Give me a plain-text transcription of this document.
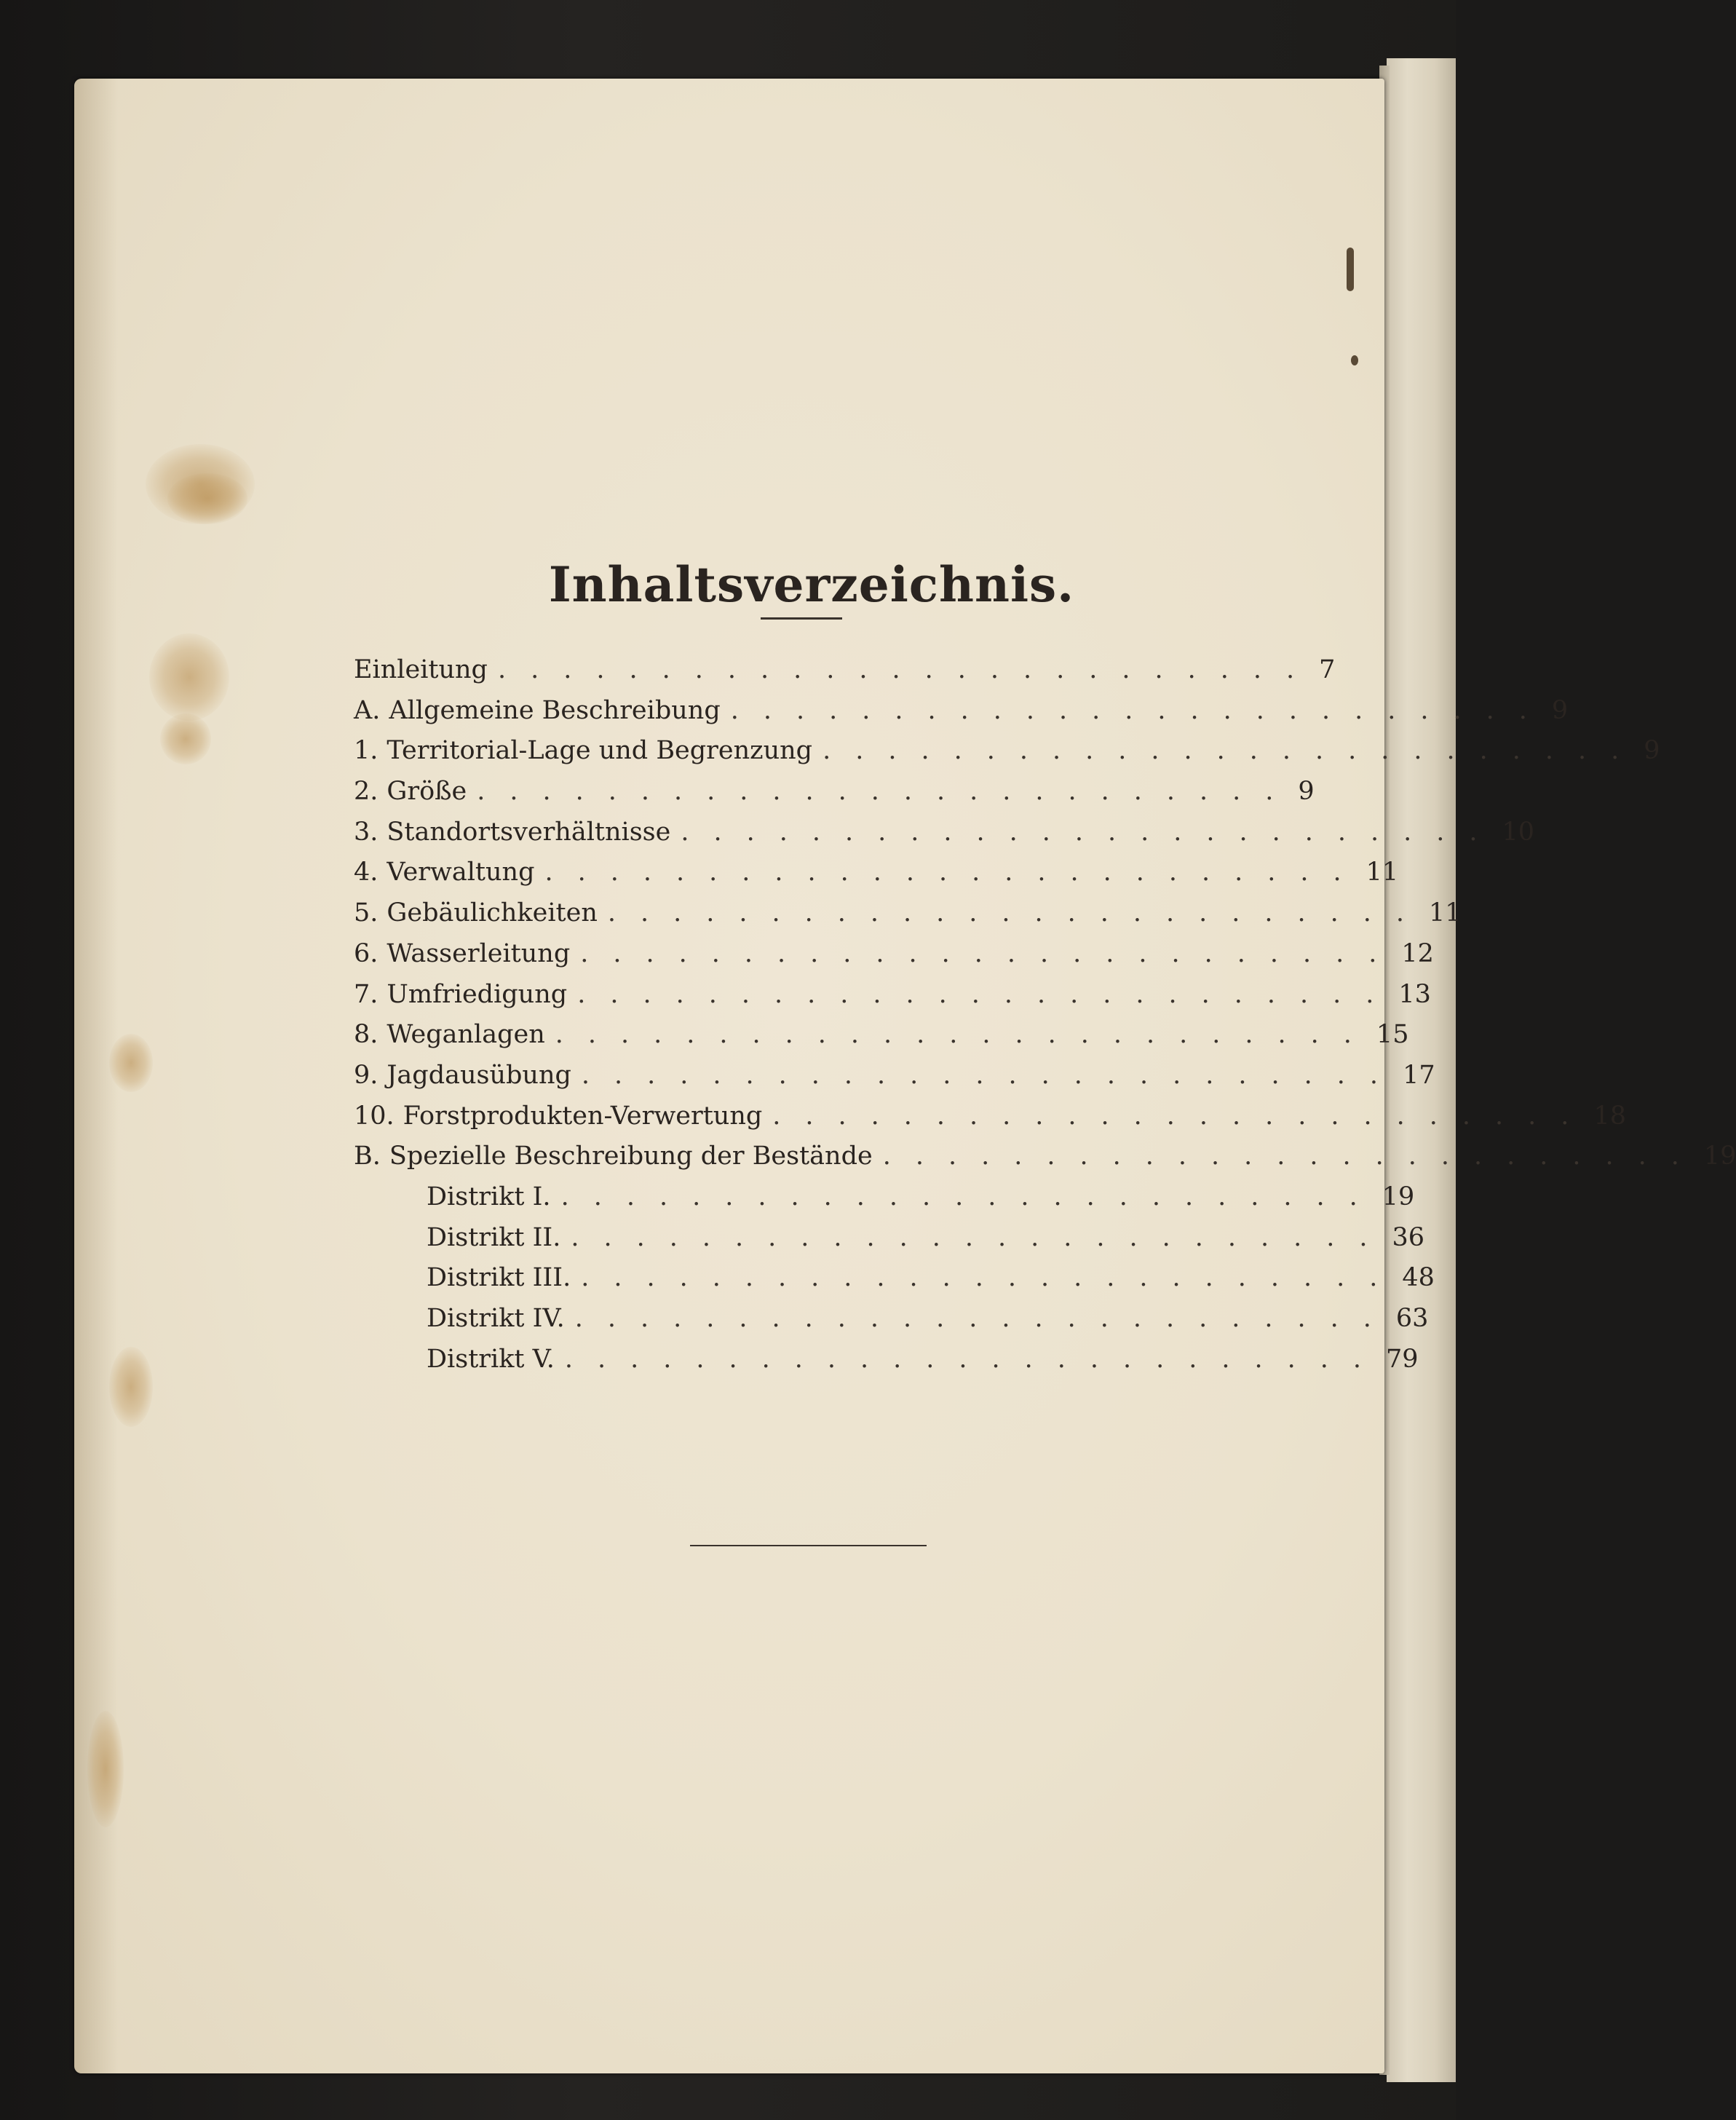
Inhaltsverzeichnis.
Einleitung ......................... 7
A. Allgemeine Beschreibung ......................... 9
1. Territorial-Lage und Begrenzung ......................... 9
2. Größe ......................... 9
3. Standortsverhältnisse ......................... 10
4. Verwaltung ......................... 11
5. Gebäulichkeiten ......................... 11
6. Wasserleitung ......................... 12
7. Umfriedigung ......................... 13
8. Weganlagen ......................... 15
9. Jagdausübung ......................... 17
10. Forstprodukten-Verwertung ......................... 18
B. Spezielle Beschreibung der Bestände ......................... 19
Distrikt I. ......................... 19
Distrikt II. ......................... 36
Distrikt III. ......................... 48
Distrikt IV. ......................... 63
Distrikt V. ......................... 79
